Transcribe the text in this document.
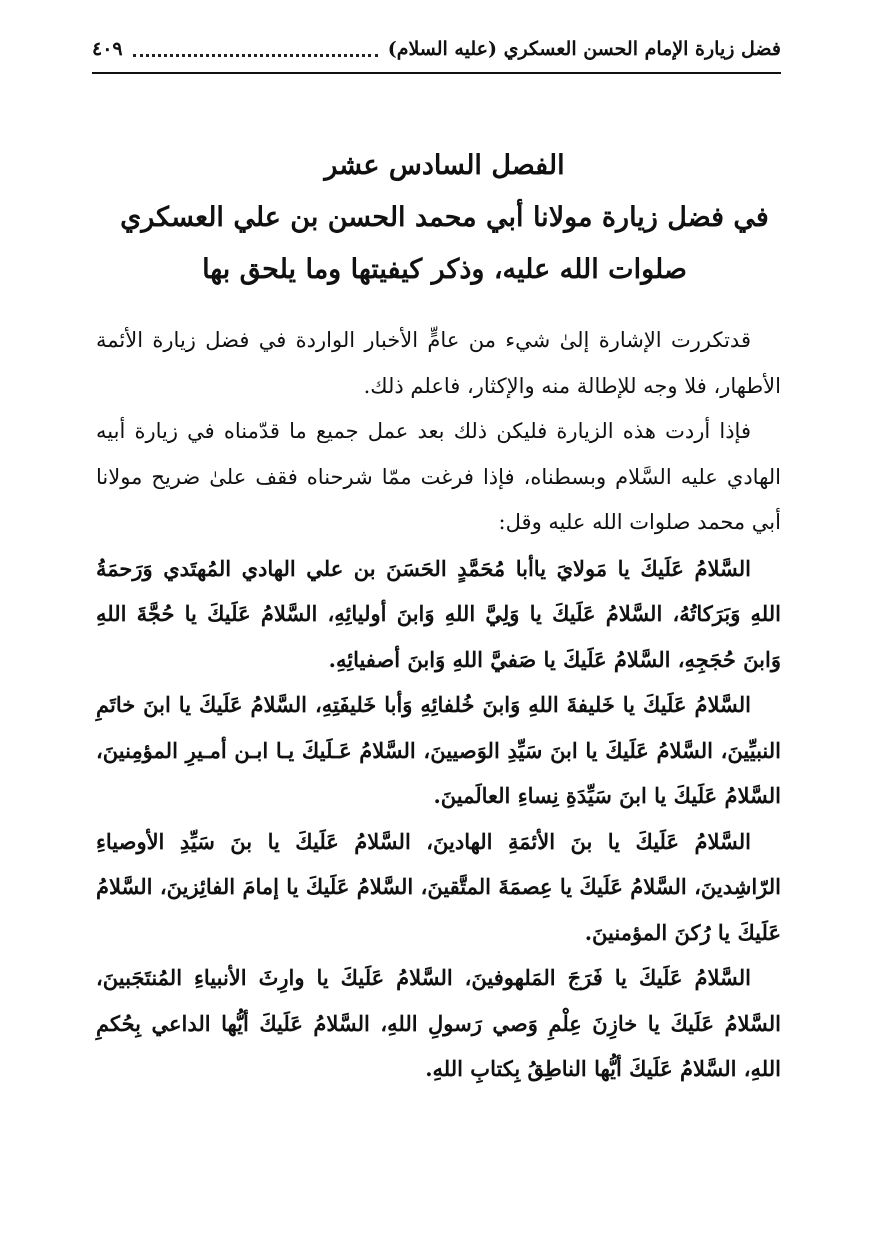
فضل زيارة الإمام الحسن العسكري (عليه السلام)
٤٠٩
الفصل السادس عشر
في فضل زيارة مولانا أبي محمد الحسن بن علي العسكري
صلوات الله عليه، وذكر كيفيتها وما يلحق بها

قدتكررت الإشارة إلىٰ شيء من عامٍّ الأخبار الواردة في فضل زيارة الأئمة الأطهار، فلا وجه للإطالة منه والإكثار، فاعلم ذلك.

فإذا أردت هذه الزيارة فليكن ذلك بعد عمل جميع ما قدّمناه في زيارة أبيه الهادي عليه السَّلام وبسطناه، فإذا فرغت ممّا شرحناه فقف علىٰ ضريح مولانا أبي محمد صلوات الله عليه وقل:

السَّلامُ عَلَيكَ يا مَولايَ ياأبا مُحَمَّدٍ الحَسَنَ بن علي الهادي المُهتَدي وَرَحمَةُ اللهِ وَبَرَكاتُهُ، السَّلامُ عَلَيكَ يا وَلِيَّ اللهِ وَابنَ أوليائِهِ، السَّلامُ عَلَيكَ يا حُجَّةَ اللهِ وَابنَ حُجَجِهِ، السَّلامُ عَلَيكَ يا صَفيَّ اللهِ وَابنَ أصفيائِهِ.

السَّلامُ عَلَيكَ يا خَليفةَ اللهِ وَابنَ خُلفائِهِ وَأبا خَليفَتِهِ، السَّلامُ عَلَيكَ يا ابنَ خاتَمِ النبيِّينَ، السَّلامُ عَلَيكَ يا ابنَ سَيِّدِ الوَصيينَ، السَّلامُ عَـلَيكَ يـا ابـن أمـيرِ المؤمِنينَ، السَّلامُ عَلَيكَ يا ابنَ سَيِّدَةِ نِساءِ العالَمينَ.

السَّلامُ عَلَيكَ يا بنَ الأئمَةِ الهادينَ، السَّلامُ عَلَيكَ يا بنَ سَيِّدِ الأوصياءِ الرّاشِدينَ، السَّلامُ عَلَيكَ يا عِصمَةَ المتَّقينَ، السَّلامُ عَلَيكَ يا إمامَ الفائِزينَ، السَّلامُ عَلَيكَ يا رُكنَ المؤمنينَ.

السَّلامُ عَلَيكَ يا فَرَجَ المَلهوفينَ، السَّلامُ عَلَيكَ يا وارِثَ الأنبياءِ المُنتَجَبينَ، السَّلامُ عَلَيكَ يا خازِنَ عِلْمِ وَصي رَسولِ اللهِ، السَّلامُ عَلَيكَ أيُّها الداعي بِحُكمِ اللهِ، السَّلامُ عَلَيكَ أيُّها الناطِقُ بِكتابِ اللهِ.
